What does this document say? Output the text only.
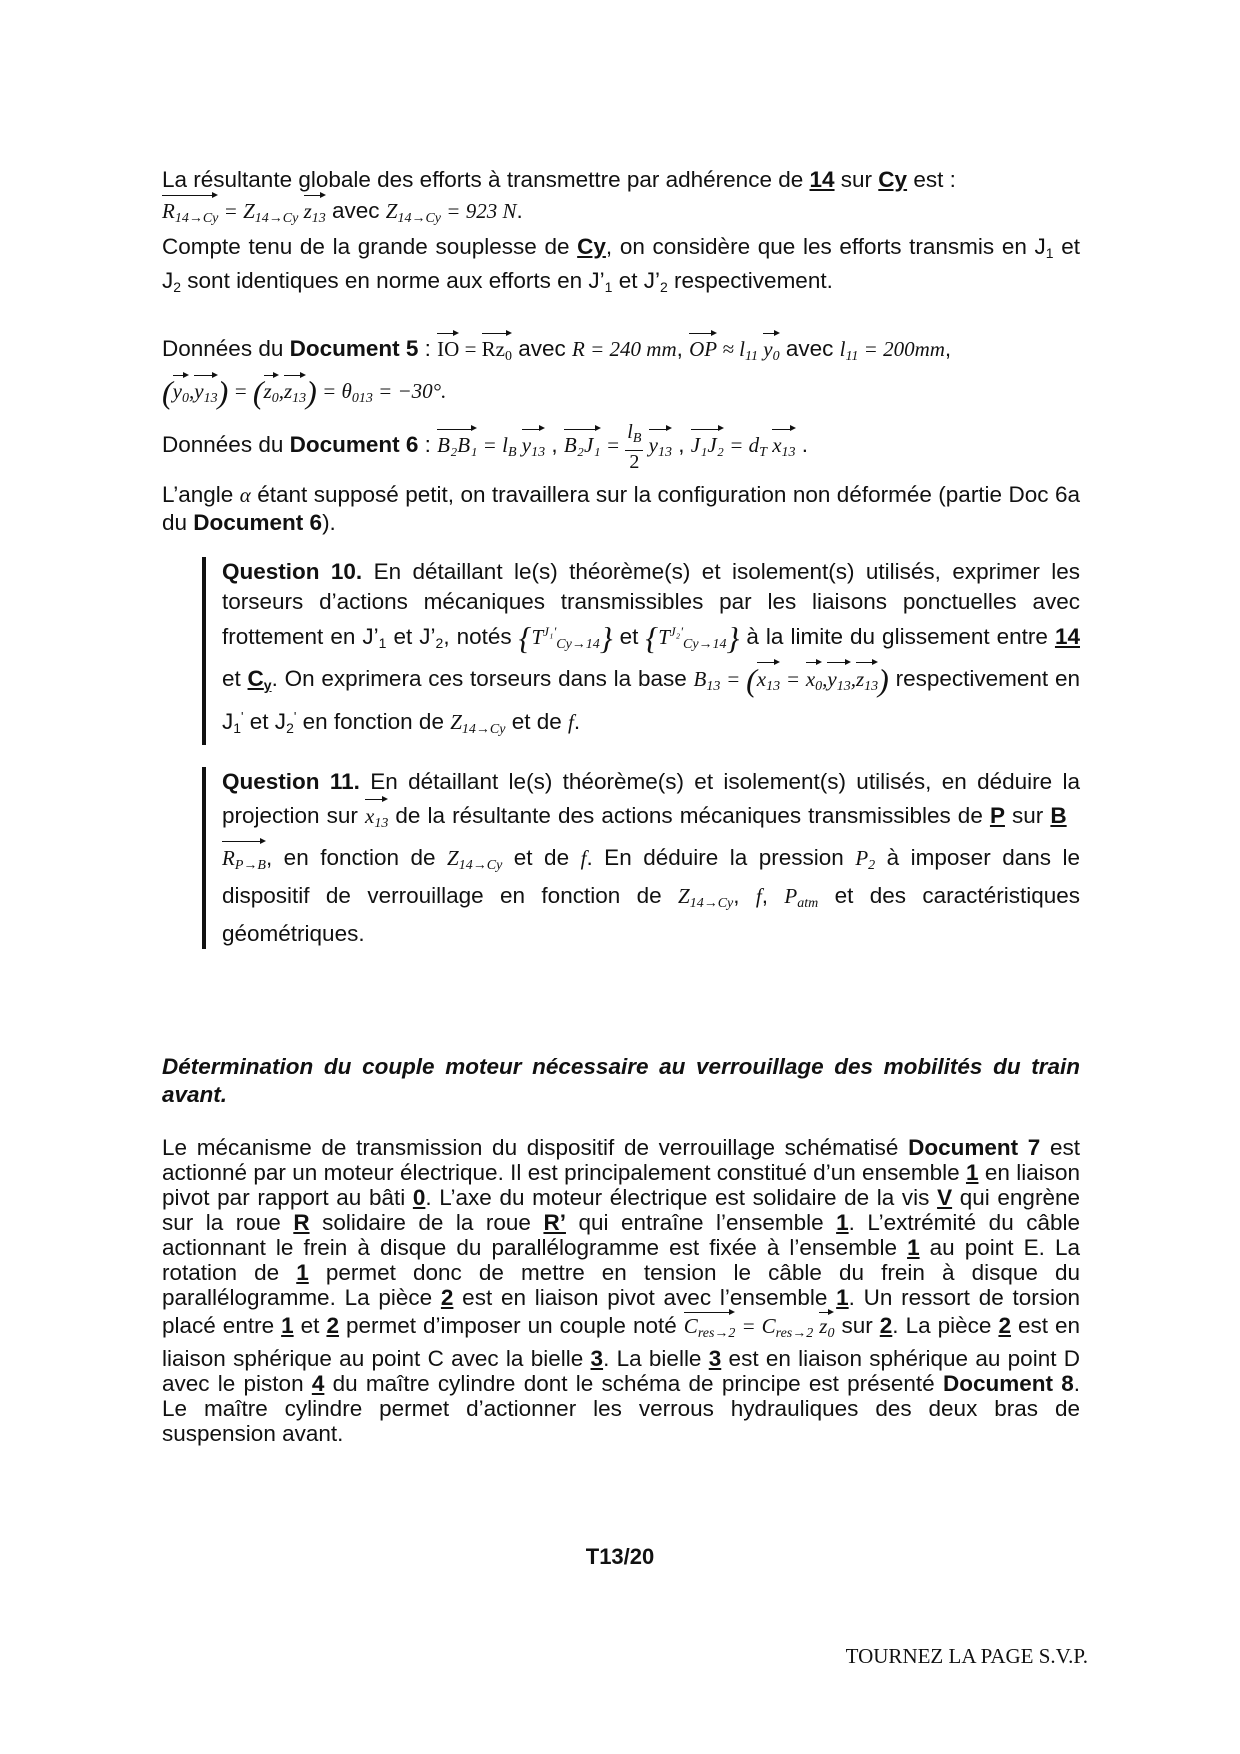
La résultante globale des efforts à transmettre par adhérence de 14 sur Cy est :

$R_{14\to Cy} = Z_{14\to Cy}$ $z_{13}$ avec $Z_{14\to Cy} = 923$ N.

Compte tenu de la grande souplesse de Cy, on considère que les efforts transmis en $J_1$ et $J_2$ sont identiques en norme aux efforts en $J’_1$ et $J’_2$ respectivement.

Données du Document 5 : IO = $Rz_0$ avec R = 240 mm, OP ≈ $l_{11}$ $y_0$ avec $l_{11} = 200mm$,

$(y_0,y_{13}) = (z_0,z_{13}) = \theta_{013} = -30^\circ$.

Données du Document 6 : $B_2B_1 = l_B$ $y_{13}$ , $B_2J_1 = \frac{l_B}{2} y_{13}$ , $J_1J_2 = d_T$ $x_{13}$ .

L’angle α étant supposé petit, on travaillera sur la configuration non déformée (partie Doc 6a du Document 6).

Question 10. En détaillant le(s) théorème(s) et isolement(s) utilisés, exprimer les torseurs d’actions mécaniques transmissibles par les liaisons ponctuelles avec frottement en $J’_1$ et $J’_2$, notés $\{T^{J_1'}_{Cy\to 14}\}$ et $\{T^{J_2'}_{Cy\to 14}\}$ à la limite du glissement entre 14 et $C_y$. On exprimera ces torseurs dans la base $B_{13} = (x_{13} = x_0,y_{13},z_{13})$ respectivement en $J_1'$ et $J_2'$ en fonction de $Z_{14\to Cy}$ et de f.

Question 11. En détaillant le(s) théorème(s) et isolement(s) utilisés, en déduire la projection sur $x_{13}$ de la résultante des actions mécaniques transmissibles de P sur B  $R_{P\to B}$, en fonction de $Z_{14\to Cy}$ et de f. En déduire la pression $P_2$ à imposer dans le dispositif de verrouillage en fonction de $Z_{14\to Cy}$, f, $P_{atm}$ et des caractéristiques géométriques.

Détermination du couple moteur nécessaire au verrouillage des mobilités du train avant.

Le mécanisme de transmission du dispositif de verrouillage schématisé Document 7 est actionné par un moteur électrique. Il est principalement constitué d’un ensemble 1 en liaison pivot par rapport au bâti 0. L’axe du moteur électrique est solidaire de la vis V qui engrène sur la roue R solidaire de la roue R’ qui entraîne l’ensemble 1. L’extrémité du câble actionnant le frein à disque du parallélogramme est fixée à l’ensemble 1 au point E. La rotation de 1 permet donc de mettre en tension le câble du frein à disque du parallélogramme. La pièce 2 est en liaison pivot avec l’ensemble 1. Un ressort de torsion placé entre 1 et 2 permet d’imposer un couple noté $C_{res\to 2} = C_{res\to 2}$ $z_0$ sur 2. La pièce 2 est en liaison sphérique au point C avec la bielle 3. La bielle 3 est en liaison sphérique au point D avec le piston 4 du maître cylindre dont le schéma de principe est présenté Document 8. Le maître cylindre permet d’actionner les verrous hydrauliques des deux bras de suspension avant.

T13/20
TOURNEZ LA PAGE S.V.P.
